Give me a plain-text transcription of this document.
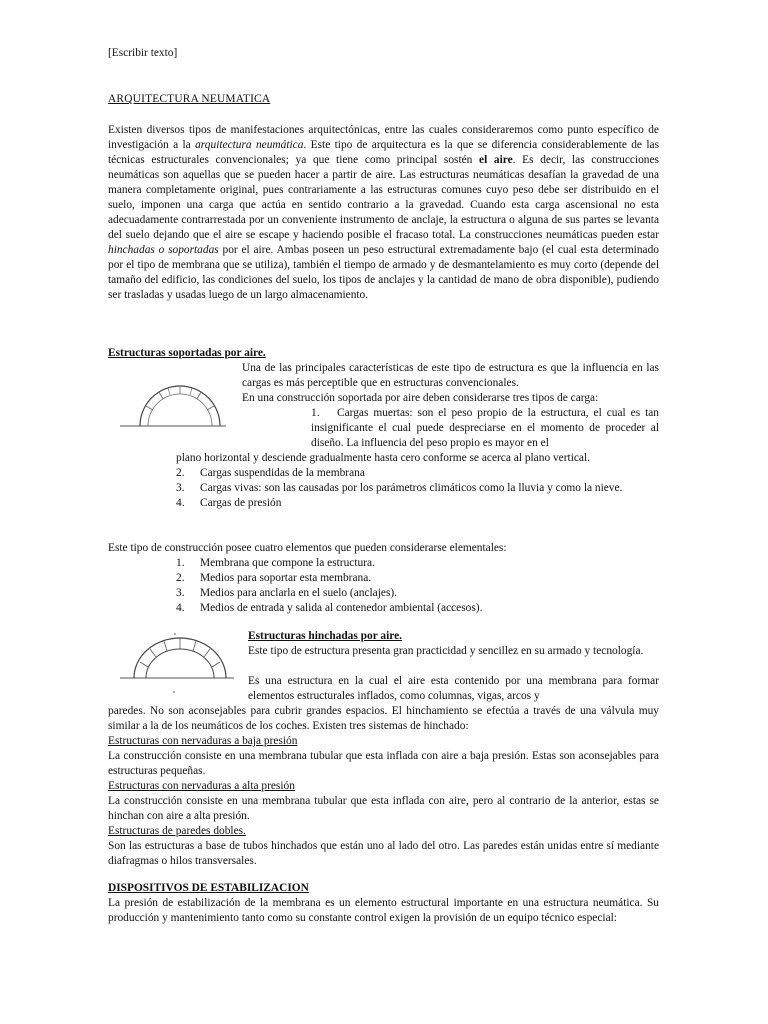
[Escribir texto]
ARQUITECTURA NEUMATICA

Existen diversos tipos de manifestaciones arquitectónicas, entre las cuales consideraremos como punto específico de investigación a la arquitectura neumática. Este tipo de arquitectura es la que se diferencia considerablemente de las técnicas estructurales convencionales; ya que tiene como principal sostén el aire. Es decir, las construcciones neumáticas son aquellas que se pueden hacer a partir de aire. Las estructuras neumáticas desafían la gravedad de una manera completamente original, pues contrariamente a las estructuras comunes cuyo peso debe ser distribuido en el suelo, imponen una carga que actúa en sentido contrario a la gravedad. Cuando esta carga ascensional no esta adecuadamente contrarrestada por un conveniente instrumento de anclaje, la estructura o alguna de sus partes se levanta del suelo dejando que el aire se escape y haciendo posible el fracaso total. La construcciones neumáticas pueden estar hinchadas o soportadas por el aire. Ambas poseen un peso estructural extremadamente bajo (el cual esta determinado por el tipo de membrana que se utiliza), también el tiempo de armado y de desmantelamiento es muy corto (depende del tamaño del edificio, las condiciones del suelo, los tipos de anclajes y la cantidad de mano de obra disponible), pudiendo ser trasladas y usadas luego de un largo almacenamiento.

Estructuras soportadas por aire.
Una de las principales características de este tipo de estructura es que la influencia en las cargas es más perceptible que en estructuras convencionales.
En una construcción soportada por aire deben considerarse tres tipos de carga:
1. Cargas muertas: son el peso propio de la estructura, el cual es tan insignificante el cual puede despreciarse en el momento de proceder al diseño. La influencia del peso propio es mayor en el
plano horizontal y desciende gradualmente hasta cero conforme se acerca al plano vertical.
2.	Cargas suspendidas de la membrana
3. Cargas vivas: son las causadas por los parámetros climáticos como la lluvia y como la nieve.
4.	Cargas de presión
Este tipo de construcción posee cuatro elementos que pueden considerarse elementales:
1.	Membrana que compone la estructura.
2.	Medios para soportar esta membrana.
3.	Medios para anclarla en el suelo (anclajes).
4.	Medios de entrada y salida al contenedor ambiental (accesos).
Estructuras hinchadas por aire.
Este tipo de estructura presenta gran practicidad y sencillez en su armado y tecnología.
Es una estructura en la cual el aire esta contenido por una membrana para formar elementos estructurales inflados, como columnas, vigas, arcos y
paredes. No son aconsejables para cubrir grandes espacios. El hinchamiento se efectúa a través de una válvula muy similar a la de los neumáticos de los coches. Existen tres sistemas de hinchado:
Estructuras con nervaduras a baja presión
La construcción consiste en una membrana tubular que esta inflada con aire a baja presión. Estas son aconsejables para estructuras pequeñas.
Estructuras con nervaduras a alta presión
La construcción consiste en una membrana tubular que esta inflada con aire, pero al contrario de la anterior, estas se hinchan con aire a alta presión.
Estructuras de paredes dobles.
Son las estructuras a base de tubos hinchados que están uno al lado del otro. Las paredes están unidas entre sí mediante diafragmas o hilos transversales.
DISPOSITIVOS DE ESTABILIZACION
La presión de estabilización de la membrana es un elemento estructural importante en una estructura neumática. Su producción y mantenimiento tanto como su constante control exigen la provisión de un equipo técnico especial:
